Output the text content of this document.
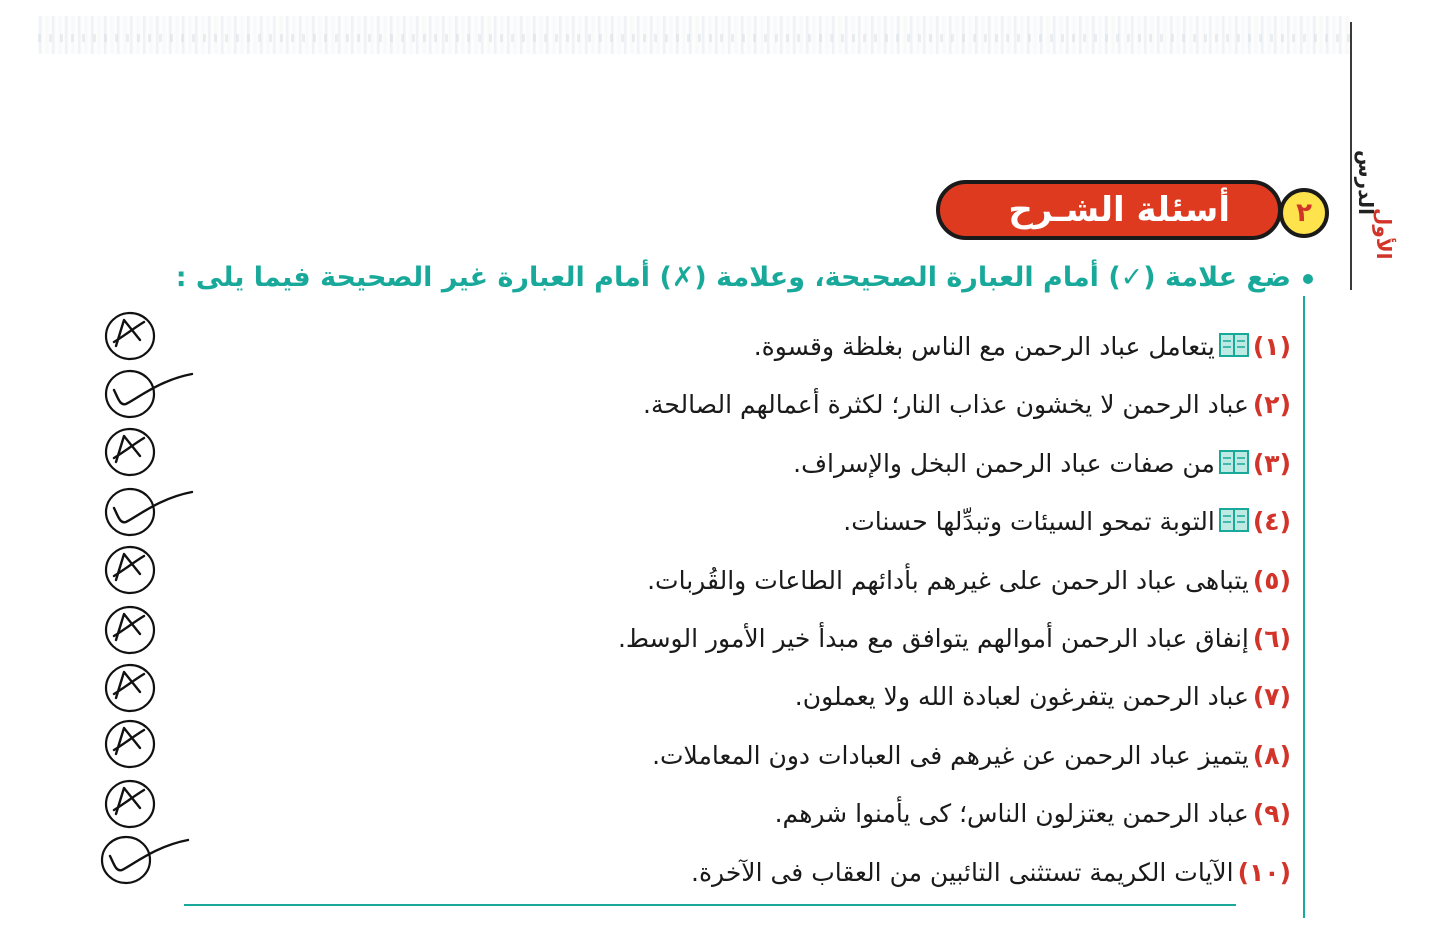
الدرس
الأول
أسئلة الشـرح	٢
ضع علامة (✓) أمام العبارة الصحيحة، وعلامة (✗) أمام العبارة غير الصحيحة فيما يلى :
(١)يتعامل عباد الرحمن مع الناس بغلظة وقسوة.
(٢)عباد الرحمن لا يخشون عذاب النار؛ لكثرة أعمالهم الصالحة.
(٣)من صفات عباد الرحمن البخل والإسراف.
(٤)التوبة تمحو السيئات وتبدِّلها حسنات.
(٥)يتباهى عباد الرحمن على غيرهم بأدائهم الطاعات والقُربات.
(٦)إنفاق عباد الرحمن أموالهم يتوافق مع مبدأ خير الأمور الوسط.
(٧)عباد الرحمن يتفرغون لعبادة الله ولا يعملون.
(٨)يتميز عباد الرحمن عن غيرهم فى العبادات دون المعاملات.
(٩)عباد الرحمن يعتزلون الناس؛ كى يأمنوا شرهم.
(١٠)الآيات الكريمة تستثنى التائبين من العقاب فى الآخرة.
